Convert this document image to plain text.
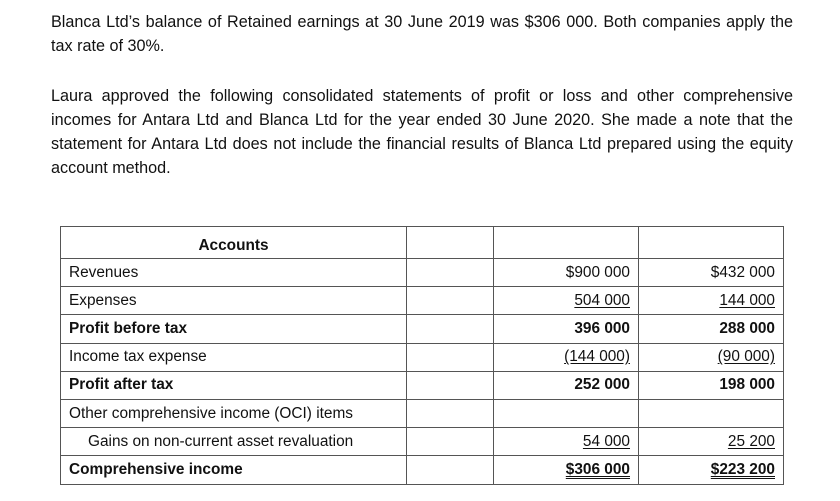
Blanca Ltd’s balance of Retained earnings at 30 June 2019 was $306 000. Both companies apply the tax rate of 30%.

Laura approved the following consolidated statements of profit or loss and other comprehensive incomes for Antara Ltd and Blanca Ltd for the year ended 30 June 2020. She made a note that the statement for Antara Ltd does not include the financial results of Blanca Ltd prepared using the equity account method.

Accounts			
Revenues		$900 000	$432 000
Expenses		504 000	144 000
Profit before tax		396 000	288 000
Income tax expense		(144 000)	(90 000)
Profit after tax		252 000	198 000
Other comprehensive income (OCI) items			
Gains on non-current asset revaluation		54 000	25 200
Comprehensive income		$306 000	$223 200
